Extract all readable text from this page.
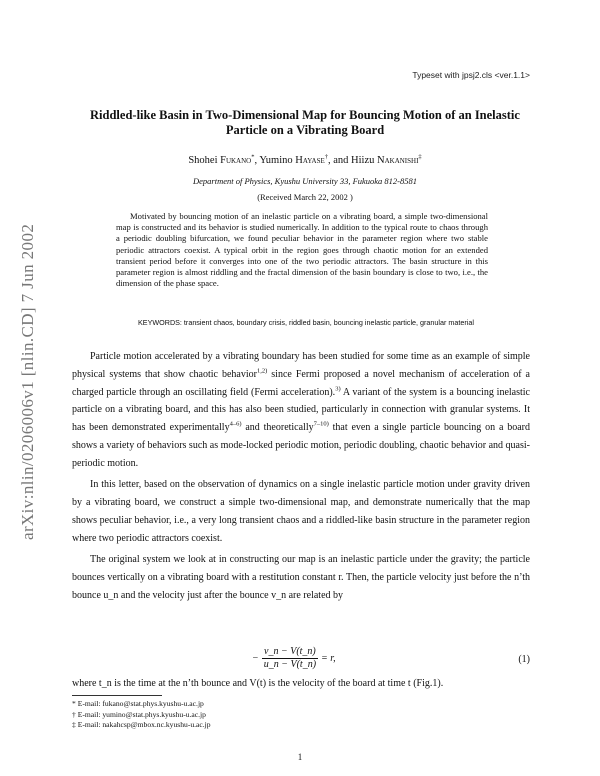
Typeset with jpsj2.cls <ver.1.1>
arXiv:nlin/0206006v1 [nlin.CD] 7 Jun 2002
Riddled-like Basin in Two-Dimensional Map for Bouncing Motion of an Inelastic Particle on a Vibrating Board
Shohei Fukano*, Yumino Hayase†, and Hiizu Nakanishi‡
Department of Physics, Kyushu University 33, Fukuoka 812-8581
(Received March 22, 2002 )
Motivated by bouncing motion of an inelastic particle on a vibrating board, a simple two-dimensional map is constructed and its behavior is studied numerically. In addition to the typical route to chaos through a periodic doubling bifurcation, we found peculiar behavior in the parameter region where two stable periodic attractors coexist. A typical orbit in the region goes through chaotic motion for an extended transient period before it converges into one of the two periodic attractors. The basin structure in this parameter region is almost riddling and the fractal dimension of the basin boundary is close to two, i.e., the dimension of the phase space.
KEYWORDS: transient chaos, boundary crisis, riddled basin, bouncing inelastic particle, granular material

Particle motion accelerated by a vibrating boundary has been studied for some time as an example of simple physical systems that show chaotic behavior$^{1,2)}$ since Fermi proposed a novel mechanism of acceleration of a charged particle through an oscillating field (Fermi acceleration).$^{3)}$ A variant of the system is a bouncing inelastic particle on a vibrating board, and this has also been studied, particularly in connection with granular systems. It has been demonstrated experimentally$^{4-6)}$ and theoretically$^{7-10)}$ that even a single particle bouncing on a board shows a variety of behaviors such as mode-locked periodic motion, periodic doubling, chaotic behavior and quasi-periodic motion.

In this letter, based on the observation of dynamics on a single inelastic particle motion under gravity driven by a vibrating board, we construct a simple two-dimensional map, and demonstrate numerically that the map shows peculiar behavior, i.e., a very long transient chaos and a riddled-like basin structure in the parameter region where two periodic attractors coexist.

The original system we look at in constructing our map is an inelastic particle under the gravity; the particle bounces vertically on a vibrating board with a restitution constant r. Then, the particle velocity just before the n’th bounce u_n and the velocity just after the bounce v_n are related by

− $\frac{v\_n - V(t\_n)}{u\_n - V(t\_n)} = r$,	(1)
where t_n is the time at the n’th bounce and V(t) is the velocity of the board at time t (Fig.1).
* E-mail: fukano@stat.phys.kyushu-u.ac.jp
† E-mail: yumino@stat.phys.kyushu-u.ac.jp
‡ E-mail: nakahcsp@mbox.nc.kyushu-u.ac.jp
1
